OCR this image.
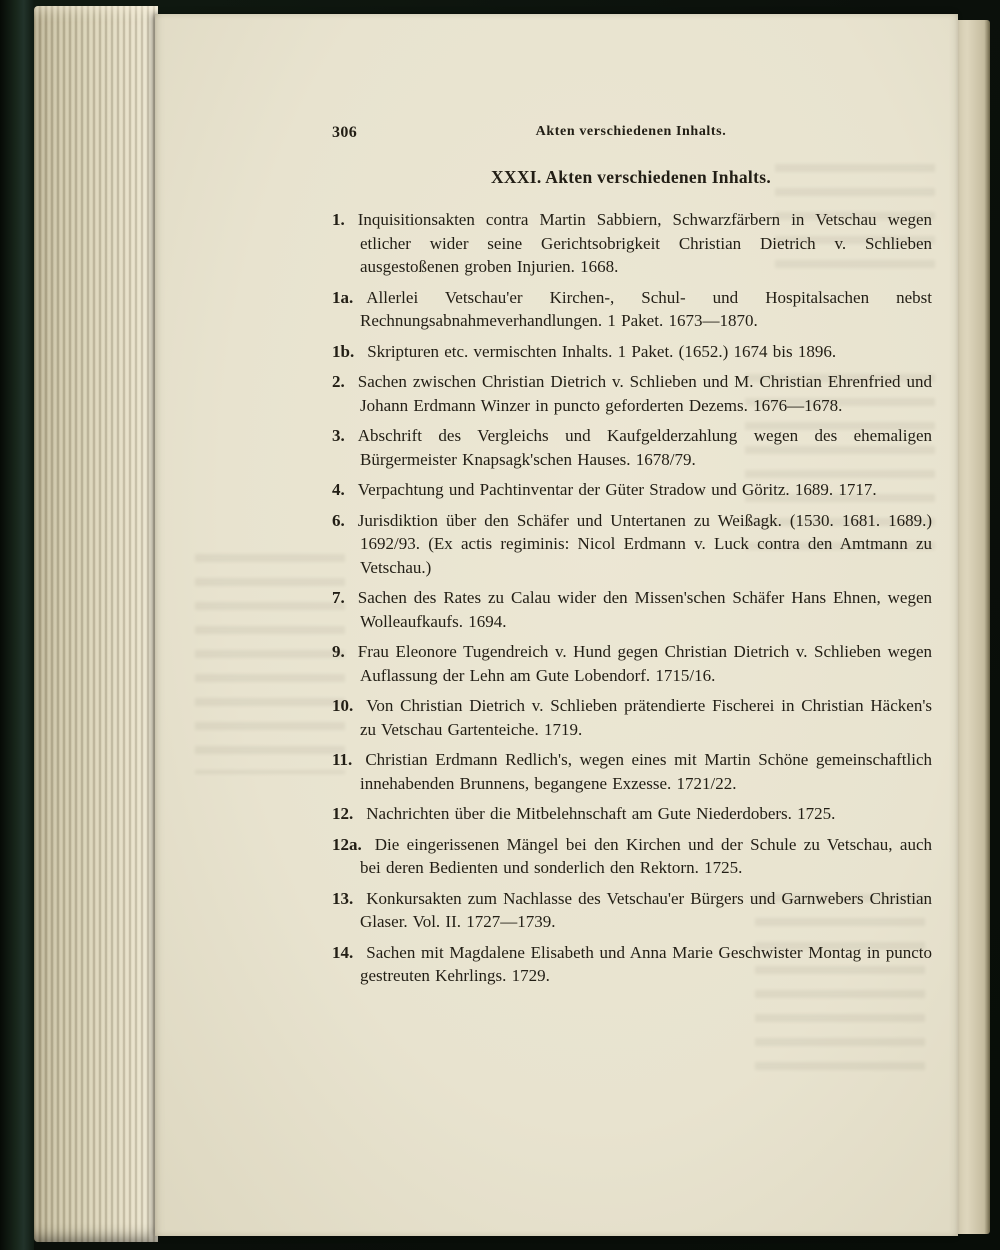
306	Akten verschiedenen Inhalts.
XXXI. Akten verschiedenen Inhalts.

1. Inquisitionsakten contra Martin Sabbiern, Schwarzfärbern in Vetschau wegen etlicher wider seine Gerichtsobrigkeit Christian Dietrich v. Schlieben ausgestoßenen groben Injurien. 1668.

1a. Allerlei Vetschau'er Kirchen-, Schul- und Hospitalsachen nebst Rechnungsabnahmeverhandlungen. 1 Paket. 1673—1870.

1b. Skripturen etc. vermischten Inhalts. 1 Paket. (1652.) 1674 bis 1896.

2. Sachen zwischen Christian Dietrich v. Schlieben und M. Christian Ehrenfried und Johann Erdmann Winzer in puncto geforderten Dezems. 1676—1678.

3. Abschrift des Vergleichs und Kaufgelderzahlung wegen des ehemaligen Bürgermeister Knapsagk'schen Hauses. 1678/79.

4. Verpachtung und Pachtinventar der Güter Stradow und Göritz. 1689. 1717.

6. Jurisdiktion über den Schäfer und Untertanen zu Weißagk. (1530. 1681. 1689.) 1692/93. (Ex actis regiminis: Nicol Erdmann v. Luck contra den Amtmann zu Vetschau.)

7. Sachen des Rates zu Calau wider den Missen'schen Schäfer Hans Ehnen, wegen Wolleaufkaufs. 1694.

9. Frau Eleonore Tugendreich v. Hund gegen Christian Dietrich v. Schlieben wegen Auflassung der Lehn am Gute Lobendorf. 1715/16.

10. Von Christian Dietrich v. Schlieben prätendierte Fischerei in Christian Häcken's zu Vetschau Gartenteiche. 1719.

11. Christian Erdmann Redlich's, wegen eines mit Martin Schöne gemeinschaftlich innehabenden Brunnens, begangene Exzesse. 1721/22.

12. Nachrichten über die Mitbelehnschaft am Gute Niederdobers. 1725.

12a. Die eingerissenen Mängel bei den Kirchen und der Schule zu Vetschau, auch bei deren Bedienten und sonderlich den Rektorn. 1725.

13. Konkursakten zum Nachlasse des Vetschau'er Bürgers und Garnwebers Christian Glaser. Vol. II. 1727—1739.

14. Sachen mit Magdalene Elisabeth und Anna Marie Geschwister Montag in puncto gestreuten Kehrlings. 1729.
